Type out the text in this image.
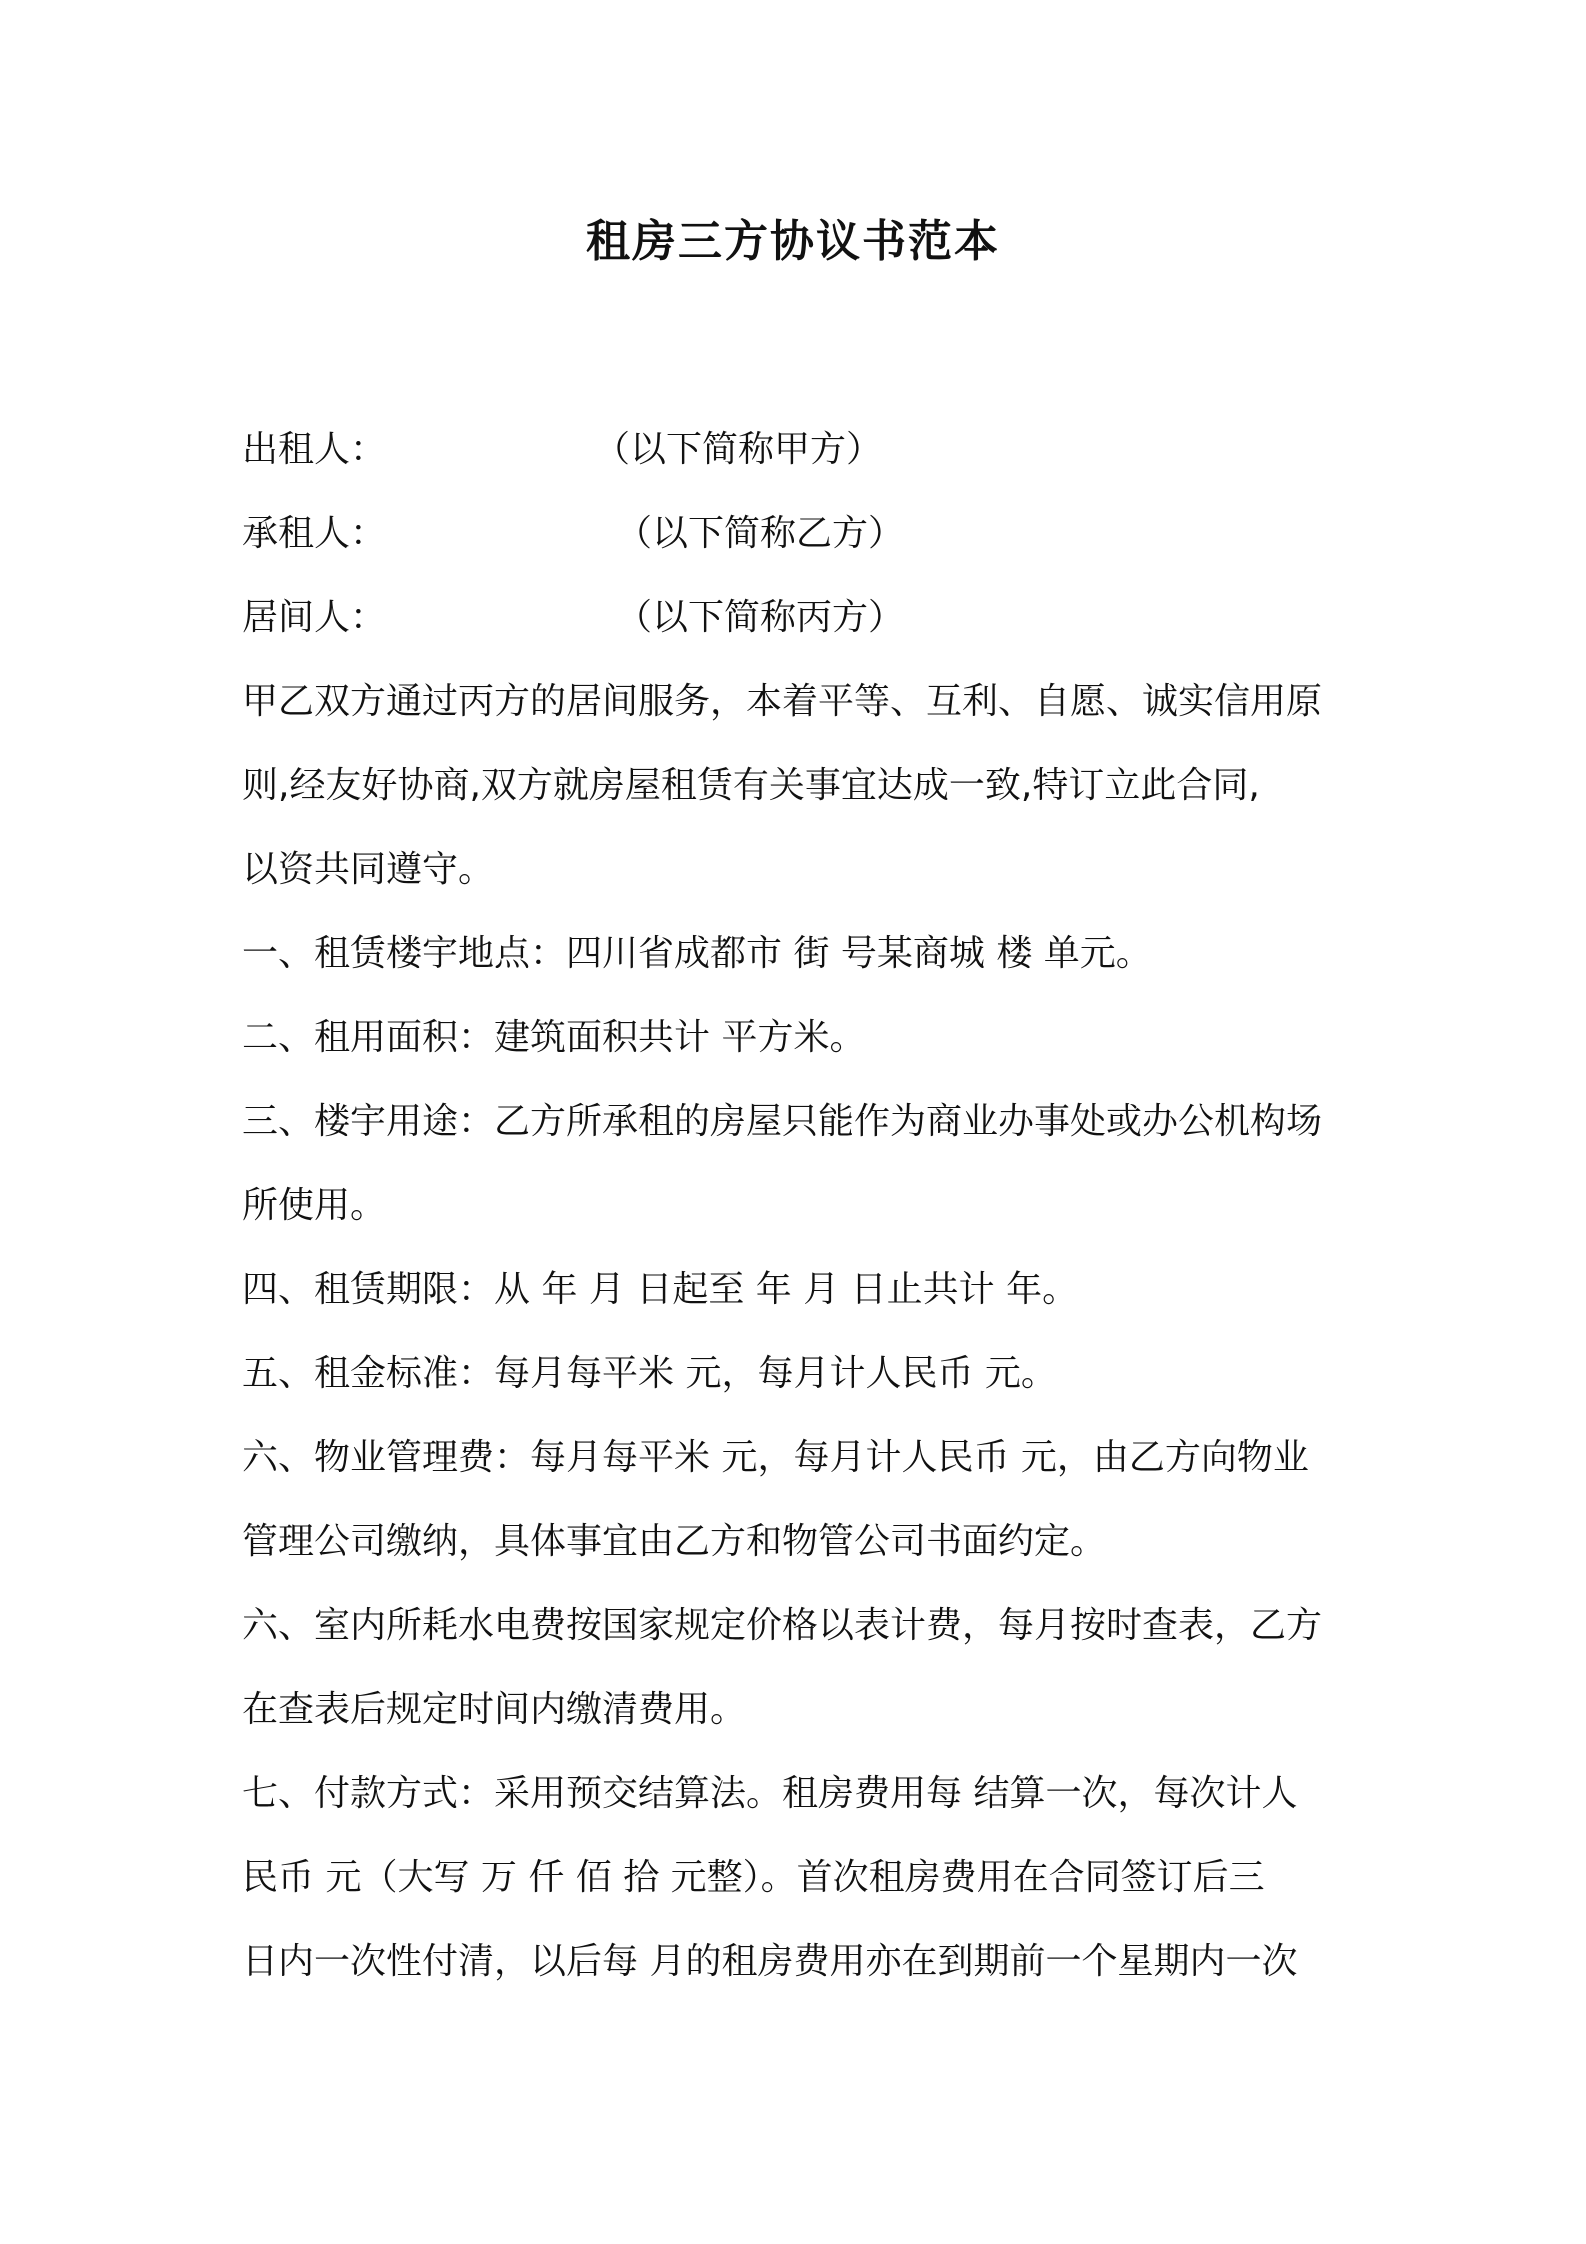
租房三方协议书范本
出租人：	（以下简称甲方）
承租人：	（以下简称乙方）
居间人：	（以下简称丙方）
甲乙双方通过丙方的居间服务，本着平等、互利、自愿、诚实信用原
则,经友好协商,双方就房屋租赁有关事宜达成一致,特订立此合同,
以资共同遵守。
一、租赁楼宇地点：四川省成都市 街 号某商城 楼 单元。
二、租用面积：建筑面积共计 平方米。
三、楼宇用途：乙方所承租的房屋只能作为商业办事处或办公机构场
所使用。
四、租赁期限：从 年 月 日起至 年 月 日止共计 年。
五、租金标准：每月每平米 元，每月计人民币 元。
六、物业管理费：每月每平米 元，每月计人民币 元，由乙方向物业
管理公司缴纳，具体事宜由乙方和物管公司书面约定。
六、室内所耗水电费按国家规定价格以表计费，每月按时查表，乙方
在查表后规定时间内缴清费用。
七、付款方式：采用预交结算法。租房费用每 结算一次，每次计人
民币 元（大写 万 仟 佰 拾 元整）。首次租房费用在合同签订后三
日内一次性付清，以后每 月的租房费用亦在到期前一个星期内一次
